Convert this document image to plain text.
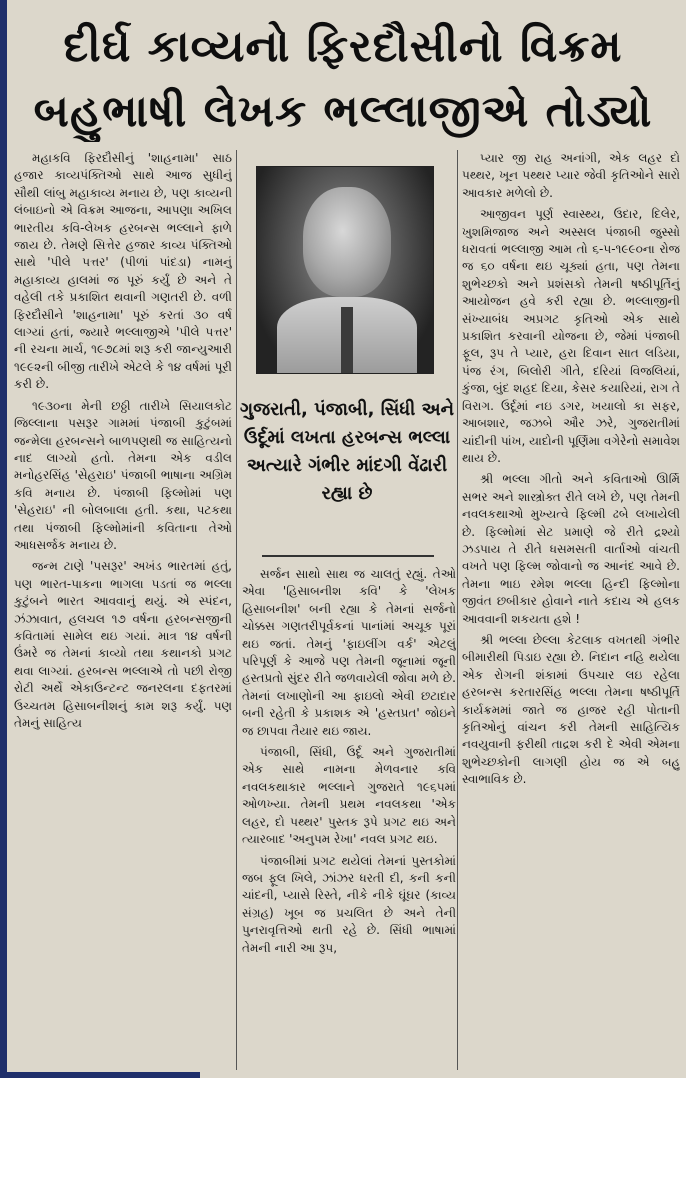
દીર્ઘ કાવ્યનો ફિરદૌસીનો વિક્રમ
બહુભાષી લેખક ભલ્લાજીએ તોડ્યો

મહાકવિ ફિરદૌસીનું 'શાહનામા' સાઠ હજાર કાવ્યપંક્તિઓ સાથે આજ સુધીનું સૌથી લાંબુ મહાકાવ્ય મનાય છે, પણ કાવ્યની લંબાઇનો એ વિક્રમ આજના, આપણા અખિલ ભારતીય કવિ-લેખક હરબન્સ ભલ્લાને ફાળે જાય છે. તેમણે સિત્તેર હજાર કાવ્ય પંક્તિઓ સાથે 'પીલે પત્તર' (પીળાં પાંદડા) નામનું મહાકાવ્ય હાલમાં જ પૂરું કર્યું છે અને તે વહેલી તકે પ્રકાશિત થવાની ગણતરી છે. વળી ફિરદૌસીને 'શાહનામા' પૂરું કરતાં ૩૦ વર્ષ લાગ્યાં હતાં, જ્યારે ભલ્લાજીએ 'પીલે પત્તર' ની રચના માર્ચ, ૧૯૭૮માં શરૂ કરી જાન્યુઆરી ૧૯૯૨ની બીજી તારીખે એટલે કે ૧૪ વર્ષમાં પૂરી કરી છે.

૧૯૩૦ના મેની છઠ્ઠી તારીખે સિયાલકોટ જિલ્લાના પસરૂર ગામમાં પંજાબી કુટુંબમાં જન્મેલા હરબન્સને બાળપણથી જ સાહિત્યનો નાદ લાગ્યો હતો. તેમના એક વડીલ મનોહરસિંહ 'સેહરાઇ' પંજાબી ભાષાના અગ્રિમ કવિ મનાય છે. પંજાબી ફિલ્મોમાં પણ 'સેહરાઇ' ની બોલબાલા હતી. કથા, પટકથા તથા પંજાબી ફિલ્મોમાંની કવિતાના તેઓ આધસર્જક મનાય છે.

જન્મ ટાણે 'પસરૂર' અખંડ ભારતમાં હતું, પણ ભારત-પાકના ભાગલા પડતાં જ ભલ્લા કુટુંબને ભારત આવવાનું થયું. એ સ્પંદન, ઝંઝાવાત, હલચલ ૧૭ વર્ષના હરબન્સજીની કવિતામાં સામેલ થઇ ગયાં. માત્ર ૧૪ વર્ષની ઉંમરે જ તેમનાં કાવ્યો તથા કથાનકો પ્રગટ થવા લાગ્યાં. હરબન્સ ભલ્લાએ તો પછી રોજી રોટી અર્થે એકાઉન્ટન્ટ જનરલના દફતરમાં ઉચ્ચતમ હિસાબનીશનું કામ શરૂ કર્યું. પણ તેમનું સાહિત્ય

ગુજરાતી, પંજાબી, સિંધી અને ઉર્દૂમાં લખતા હરબન્સ ભલ્લા અત્યારે ગંભીર માંદગી વેંઢારી રહ્યા છે

સર્જન સાથો સાથ જ ચાલતું રહ્યું. તેઓ એવા 'હિસાબનીશ કવિ' કે 'લેખક હિસાબનીશ' બની રહ્યા કે તેમનાં સર્જનો ચોક્કસ ગણતરીપૂર્વકનાં પાનાંમાં અચૂક પૂરાં થઇ જતાં. તેમનું 'ફાઇલીંગ વર્ક' એટલું પરિપૂર્ણ કે આજે પણ તેમની જૂનામાં જૂની હસ્તપ્રતો સુંદર રીતે જળવાયેલી જોવા મળે છે. તેમનાં લખાણોની આ ફાઇલો એવી છટાદાર બની રહેતી કે પ્રકાશક એ 'હસ્તપ્રત' જોઇને જ છાપવા તૈયાર થઇ જાય.

પંજાબી, સિંધી, ઉર્દૂ અને ગુજરાતીમાં એક સાથે નામના મેળવનાર કવિ નવલકથાકાર ભલ્લાને ગુજરાતે ૧૯૬૫માં ઓળખ્યા. તેમની પ્રથમ નવલકથા 'એક લહર, દો પથ્થર' પુસ્તક રૂપે પ્રગટ થઇ અને ત્યારબાદ 'અનુપમ રેખા' નવલ પ્રગટ થઇ.

પંજાબીમાં પ્રગટ થયેલાં તેમનાં પુસ્તકોમાં જબ ફૂલ ખિલે, ઝાંઝર ધરતી દી, કની કની ચાંદની, પ્યાસે રિસ્તે, નીકે નીકે ઘૂંઘર (કાવ્ય સંગ્રહ) ખૂબ જ પ્રચલિત છે અને તેની પુનરાવૃત્તિઓ થતી રહે છે. સિંધી ભાષામાં તેમની નારી આ રૂપ,

પ્યાર જી રાહ અનાંગી, એક લહર દો પથ્થર, ખૂન પથ્થર પ્યાર જેવી કૃતિઓને સારો આવકાર મળેલો છે.

આજીવન પૂર્ણ સ્વાસ્થ્ય, ઉદાર, દિલેર, ખુશમિજાજ અને અસ્સલ પંજાબી જુસ્સો ધરાવતાં ભલ્લાજી આમ તો ૬-૫-૧૯૯૦ના રોજ જ ૬૦ વર્ષના થઇ ચૂક્યાં હતા, પણ તેમના શુભેચ્છકો અને પ્રશંસકો તેમની ષષ્ઠીપૂર્તિનું આયોજન હવે કરી રહ્યા છે. ભલ્લાજીની સંખ્યાબંધ અપ્રગટ કૃતિઓ એક સાથે પ્રકાશિત કરવાની યોજના છે, જેમાં પંજાબી ફૂલ, રૂપ તે પ્યાર, હરા દિવાન સાત લડિયા, પંજ રંગ, બિલોરી ગીતે, દરિયાં વિજલિયાં, કુંજા, બુંદ શહદ દિયા, કેસર કયારિયાં, રાગ તે વિરાગ. ઉર્દૂમાં નઇ ડગર, ખયાલો કા સફર, આબશાર, જઝબે ઔર ઝરે, ગુજરાતીમાં ચાંદીની પાંખ, યાદોની પૂર્ણિમા વગેરેનો સમાવેશ થાય છે.

શ્રી ભલ્લા ગીતો અને કવિતાઓ ઊર્મિ સભર અને શાસ્ત્રોક્ત રીતે લખે છે, પણ તેમની નવલકથાઓ મુખ્યત્વે ફિલ્મી ઢબે લખાયેલી છે. ફિલ્મોમાં સેટ પ્રમાણે જે રીતે દ્રશ્યો ઝડપાય તે રીતે ધસમસતી વાર્તાઓ વાંચતી વખતે પણ ફિલ્મ જોવાનો જ આનંદ આવે છે. તેમના ભાઇ રમેશ ભલ્લા હિન્દી ફિલ્મોના જીવંત છબીકાર હોવાને નાતે કદાચ એ હલક આવવાની શકયતા હશે !

શ્રી ભલ્લા છેલ્લા કેટલાક વખતથી ગંભીર બીમારીથી પિડાઇ રહ્યા છે. નિદાન નહિ થયેલા એક રોગની શંકામાં ઉપચાર લઇ રહેલા હરબન્સ કરતારસિંહ ભલ્લા તેમના ષષ્ઠીપૂર્તિ કાર્યક્રમમાં જાતે જ હાજર રહી પોતાની કૃતિઓનું વાંચન કરી તેમની સાહિત્યિક નવયુવાની ફરીથી તાદ્રશ કરી દે એવી એમના શુભેચ્છકોની લાગણી હોય જ એ બહુ સ્વાભાવિક છે.
